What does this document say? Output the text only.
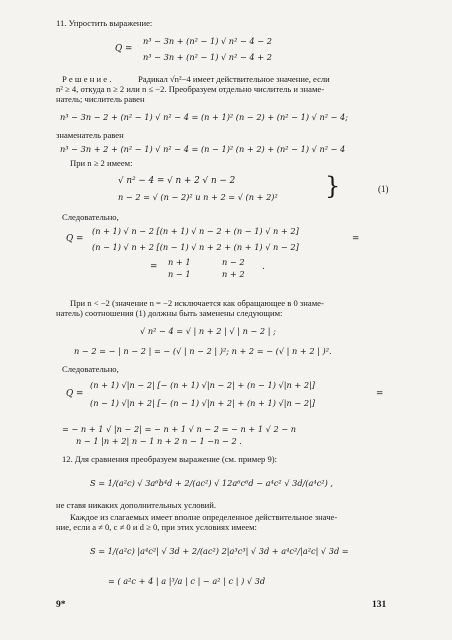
11. Упростить выражение:
n³ − 3n + (n² − 1) √ n² − 4 − 2
Q =
n³ − 3n + (n² − 1) √ n² − 4 + 2
Решение.	Радикал √n²−4 имеет действительное значение, если
n² ≥ 4, откуда n ≥ 2 или n ≤ −2. Преобразуем отдельно числитель и знаме-
натель; числитель равен
n³ − 3n − 2 + (n² − 1) √ n² − 4 = (n + 1)² (n − 2) + (n² − 1) √ n² − 4;
знаменатель равен
n³ − 3n + 2 + (n² − 1) √ n² − 4 = (n − 1)² (n + 2) + (n² − 1) √ n² − 4
При n ≥ 2 имеем:
√ n² − 4 = √ n + 2 √ n − 2
n − 2 = √ (n − 2)² и n + 2 = √ (n + 2)² }	(1)
Следовательно,
(n + 1) √ n − 2 [(n + 1) √ n − 2 + (n − 1) √ n + 2]
Q =
(n − 1) √ n + 2 [(n − 1) √ n + 2 + (n + 1) √ n − 2]
=
= n + 1
n − 1
n − 2
n + 2
.
При n < −2 (значение n = −2 исключается как обращающее в 0 знаме-
натель) соотношения (1) должны быть заменены следующим:
√ n² − 4 = √ | n + 2 | √ | n − 2 | ;
n − 2 = − | n − 2 | = − (√ | n − 2 | )²; n + 2 = − (√ | n + 2 | )².
Следовательно,
(n + 1) √|n − 2| [− (n + 1) √|n − 2| + (n − 1) √|n + 2|]
Q =
(n − 1) √|n + 2| [− (n − 1) √|n + 2| + (n + 1) √|n − 2|]
=
= − n + 1 √ |n − 2| = − n + 1 √ n − 2 = − n + 1 √ 2 − n
n − 1 |n + 2| n − 1 n + 2 n − 1 −n − 2 .
12. Для сравнения преобразуем выражение (см. пример 9):
S = 1/(a²c) √ 3a⁶b⁴d + 2/(ac²) √ 12a⁶c⁶d − a⁴c² √ 3d/(a⁴c²) ,
не ставя никаких дополнительных условий.
Каждое из слагаемых имеет вполне определенное действительное значе-
ние, если a ≠ 0, c ≠ 0 и d ≥ 0, при этих условиях имеем:
S = 1/(a²c) |a⁴c²| √ 3d + 2/(ac²) 2|a³c³| √ 3d + a⁴c²/|a²c| √ 3d =
= ( a²c + 4 | a |³/a | c | − a² | c | ) √ 3d
9*	131
